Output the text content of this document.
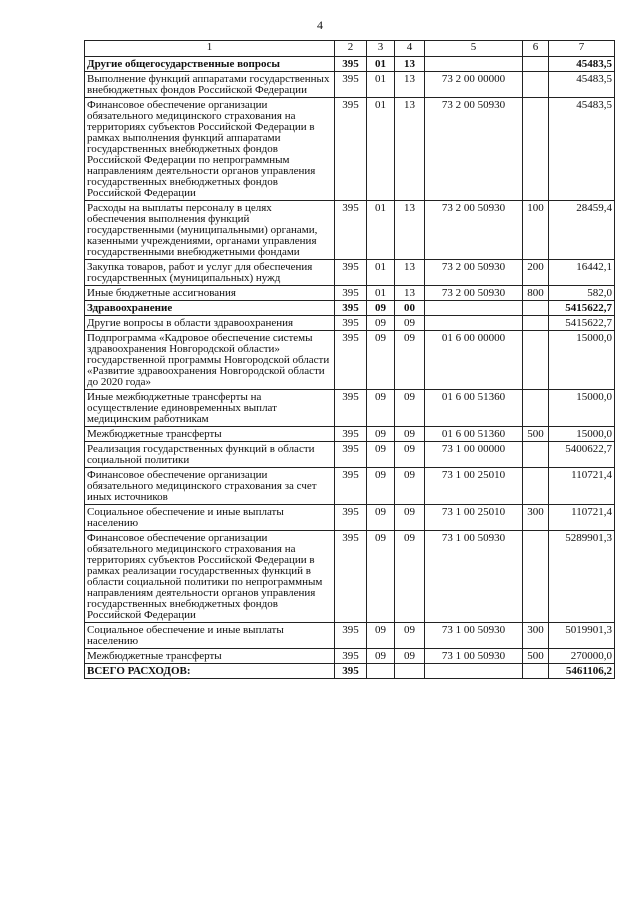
4
1	2	3	4	5	6	7
Другие общегосударственные вопросы	395	01	13			45483,5
Выполнение функций аппаратами государственных внебюджетных фондов Российской Федерации	395	01	13	73 2 00 00000		45483,5
Финансовое обеспечение организации обязательного медицинского страхования на территориях субъектов Российской Федерации в рамках выполнения функций аппаратами государственных внебюджетных фондов Российской Федерации по непрограммным направлениям деятельности органов управления государственных внебюджетных фондов Российской Федерации	395	01	13	73 2 00 50930		45483,5
Расходы на выплаты персоналу в целях обеспечения выполнения функций государственными (муниципальными) органами, казенными учреждениями, органами управления государственными внебюджетными фондами	395	01	13	73 2 00 50930	100	28459,4
Закупка товаров, работ и услуг для обеспечения государственных (муниципальных) нужд	395	01	13	73 2 00 50930	200	16442,1
Иные бюджетные ассигнования	395	01	13	73 2 00 50930	800	582,0
Здравоохранение	395	09	00			5415622,7
Другие вопросы в области здравоохранения	395	09	09			5415622,7
Подпрограмма «Кадровое обеспечение системы здравоохранения Новгородской области» государственной программы Новгородской области «Развитие здравоохранения Новгородской области до 2020 года»	395	09	09	01 6 00 00000		15000,0
Иные межбюджетные трансферты на осуществление единовременных выплат медицинским работникам	395	09	09	01 6 00 51360		15000,0
Межбюджетные трансферты	395	09	09	01 6 00 51360	500	15000,0
Реализация государственных функций в области социальной политики	395	09	09	73 1 00 00000		5400622,7
Финансовое обеспечение организации обязательного медицинского страхования за счет иных источников	395	09	09	73 1 00 25010		110721,4
Социальное обеспечение и иные выплаты населению	395	09	09	73 1 00 25010	300	110721,4
Финансовое обеспечение организации обязательного медицинского страхования на территориях субъектов Российской Федерации в рамках реализации государственных функций в области социальной политики по непрограммным направлениям деятельности органов управления государственных внебюджетных фондов Российской Федерации	395	09	09	73 1 00 50930		5289901,3
Социальное обеспечение и иные выплаты населению	395	09	09	73 1 00 50930	300	5019901,3
Межбюджетные трансферты	395	09	09	73 1 00 50930	500	270000,0
ВСЕГО РАСХОДОВ:	395					5461106,2
